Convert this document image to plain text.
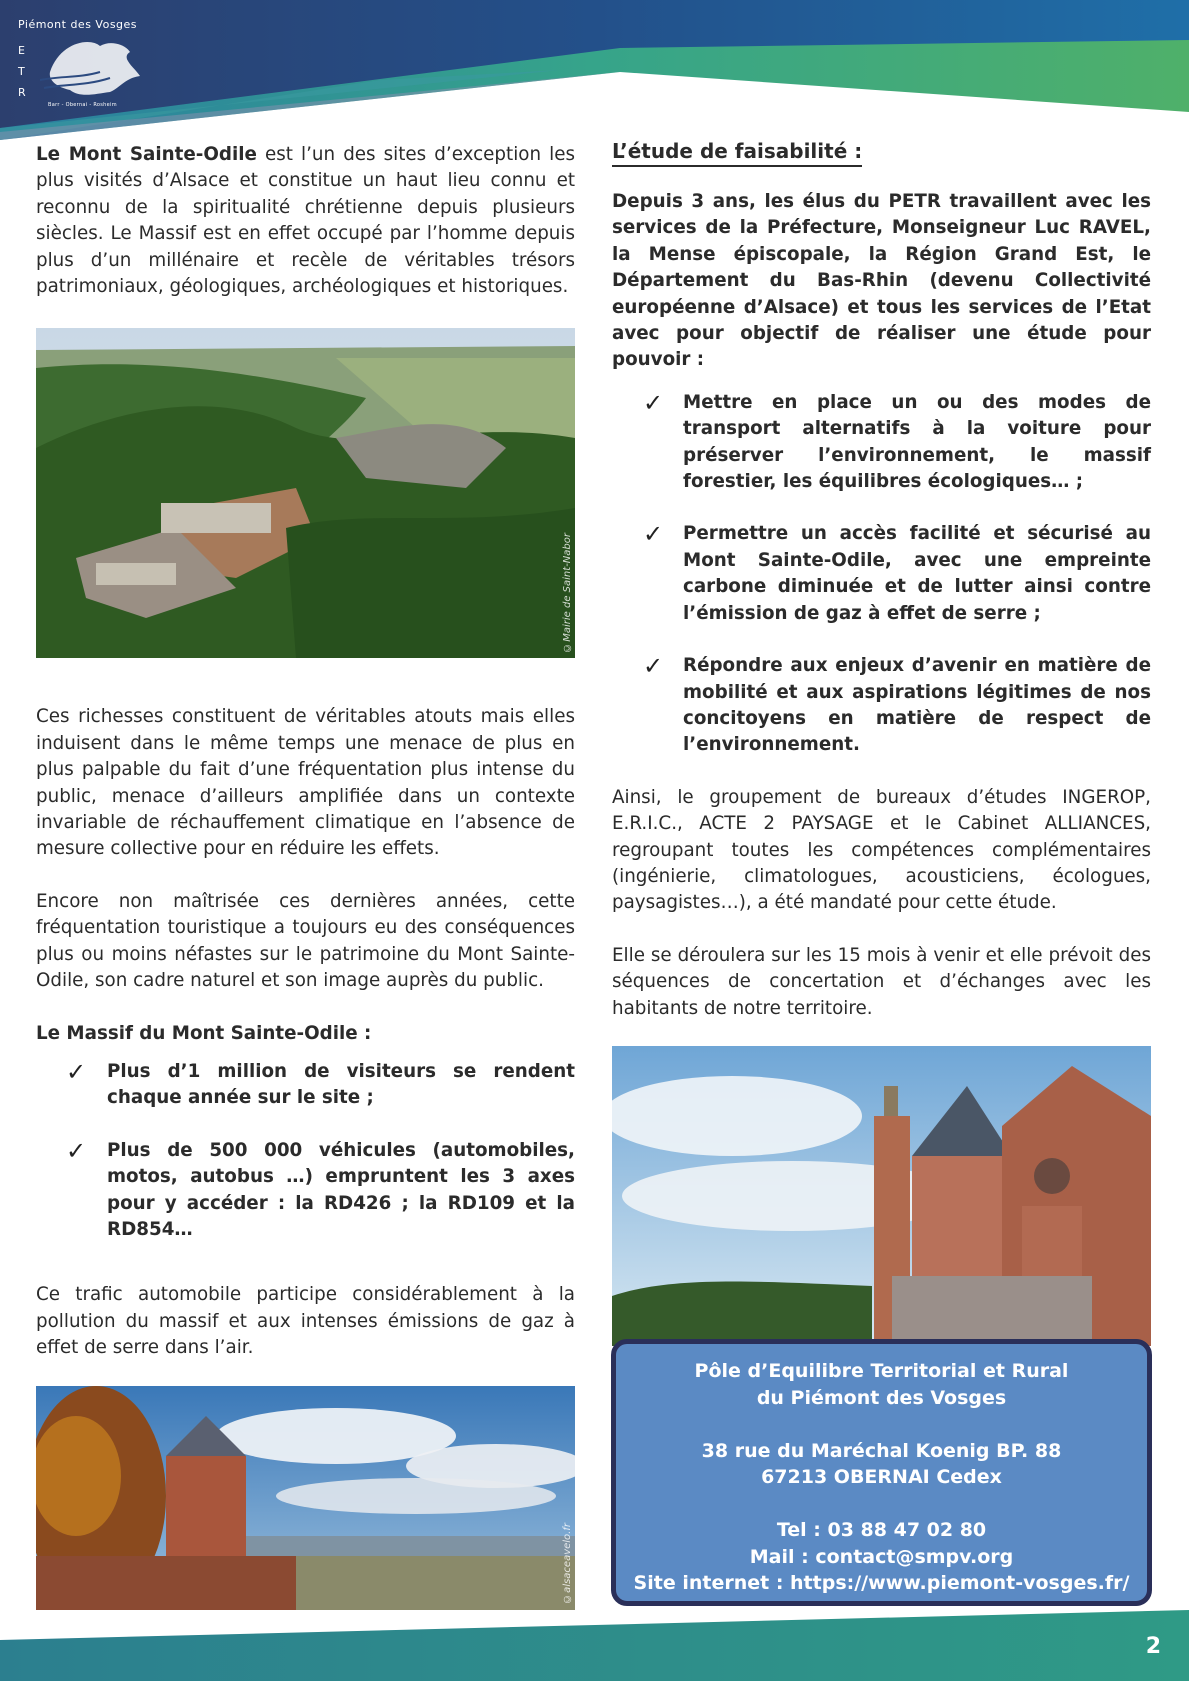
Piémont des Vosges
E
T
R
Barr - Obernai - Rosheim

Le Mont Sainte-Odile est l’un des sites d’exception les plus visités d’Alsace et constitue un haut lieu connu et reconnu de la spiritualité chrétienne depuis plusieurs siècles. Le Massif est en effet occupé par l’homme depuis plus d’un millénaire et recèle de véritables trésors patrimoniaux, géologiques, archéologiques et historiques.

©Mairie de Saint-Nabor

Ces richesses constituent de véritables atouts mais elles induisent dans le même temps une menace de plus en plus palpable du fait d’une fréquentation plus intense du public, menace d’ailleurs amplifiée dans un contexte invariable de réchauffement climatique en l’absence de mesure collective pour en réduire les effets.

Encore non maîtrisée ces dernières années, cette fréquentation touristique a toujours eu des conséquences plus ou moins néfastes sur le patrimoine du Mont Sainte-Odile, son cadre naturel et son image auprès du public.

Le Massif du Mont Sainte-Odile :

✓ Plus d’1 million de visiteurs se rendent chaque année sur le site ;
✓ Plus de 500 000 véhicules (automobiles, motos, autobus …) empruntent les 3 axes pour y accéder : la RD426 ; la RD109 et la RD854…

Ce trafic automobile participe considérablement à la pollution du massif et aux intenses émissions de gaz à effet de serre dans l’air.

©alsaceavelo.fr
L’étude de faisabilité :

Depuis 3 ans, les élus du PETR travaillent avec les services de la Préfecture, Monseigneur Luc RAVEL, la Mense épiscopale, la Région Grand Est, le Département du Bas-Rhin (devenu Collectivité européenne d’Alsace) et tous les services de l’Etat avec pour objectif de réaliser une étude pour pouvoir :

✓ Mettre en place un ou des modes de transport alternatifs à la voiture pour préserver l’environnement, le massif forestier, les équilibres écologiques… ;
✓ Permettre un accès facilité et sécurisé au Mont Sainte-Odile, avec une empreinte carbone diminuée et de lutter ainsi contre l’émission de gaz à effet de serre ;
✓ Répondre aux enjeux d’avenir en matière de mobilité et aux aspirations légitimes de nos concitoyens en matière de respect de l’environnement.

Ainsi, le groupement de bureaux d’études INGEROP, E.R.I.C., ACTE 2 PAYSAGE et le Cabinet ALLIANCES, regroupant toutes les compétences complémentaires (ingénierie, climatologues, acousticiens, écologues, paysagistes…), a été mandaté pour cette étude.

Elle se déroulera sur les 15 mois à venir et elle prévoit des séquences de concertation et d’échanges avec les habitants de notre territoire.

Pôle d’Equilibre Territorial et Rural
du Piémont des Vosges
38 rue du Maréchal Koenig BP. 88
67213 OBERNAI Cedex
Tel : 03 88 47 02 80
Mail : contact@smpv.org
Site internet : https://www.piemont-vosges.fr/
2
